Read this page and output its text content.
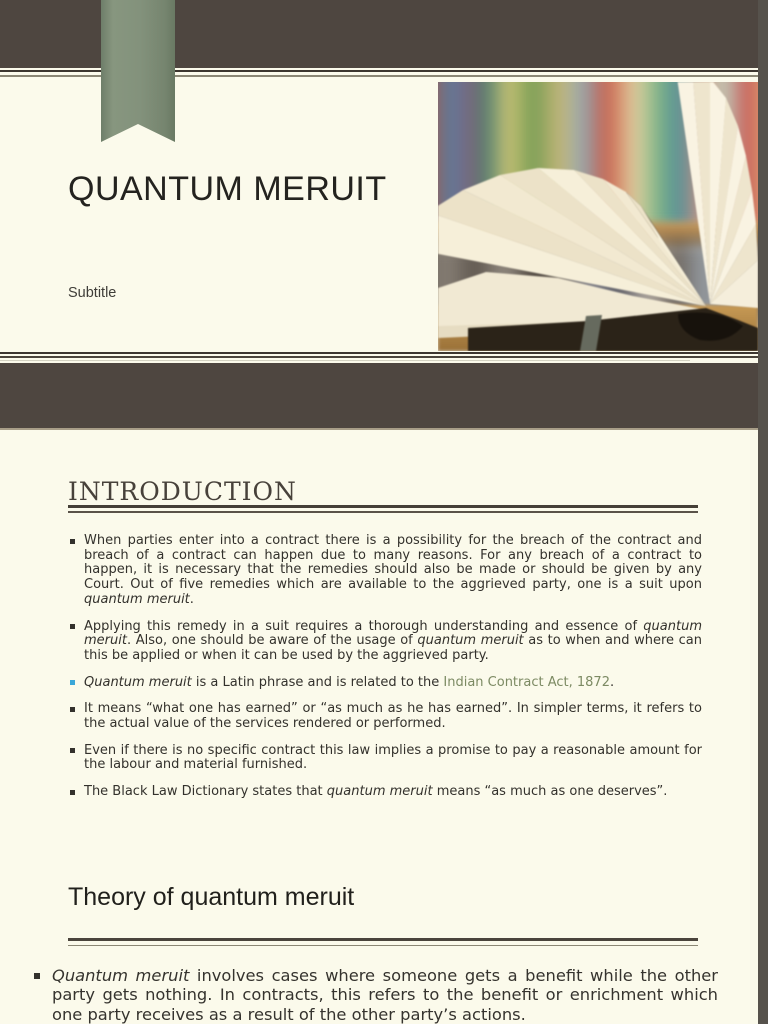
QUANTUM MERUIT
Subtitle
INTRODUCTION
When parties enter into a contract there is a possibility for the breach of the contract and breach of a contract can happen due to many reasons. For any breach of a contract to happen, it is necessary that the remedies should also be made or should be given by any Court. Out of five remedies which are available to the aggrieved party, one is a suit upon quantum meruit.
Applying this remedy in a suit requires a thorough understanding and essence of quantum meruit. Also, one should be aware of the usage of quantum meruit as to when and where can this be applied or when it can be used by the aggrieved party.
Quantum meruit is a Latin phrase and is related to the Indian Contract Act, 1872.
It means “what one has earned” or “as much as he has earned”. In simpler terms, it refers to the actual value of the services rendered or performed.
Even if there is no specific contract this law implies a promise to pay a reasonable amount for the labour and material furnished.
The Black Law Dictionary states that quantum meruit means “as much as one deserves”.
Theory of quantum meruit
Quantum meruit involves cases where someone gets a benefit while the other party gets nothing. In contracts, this refers to the benefit or enrichment which one party receives as a result of the other party’s actions.
